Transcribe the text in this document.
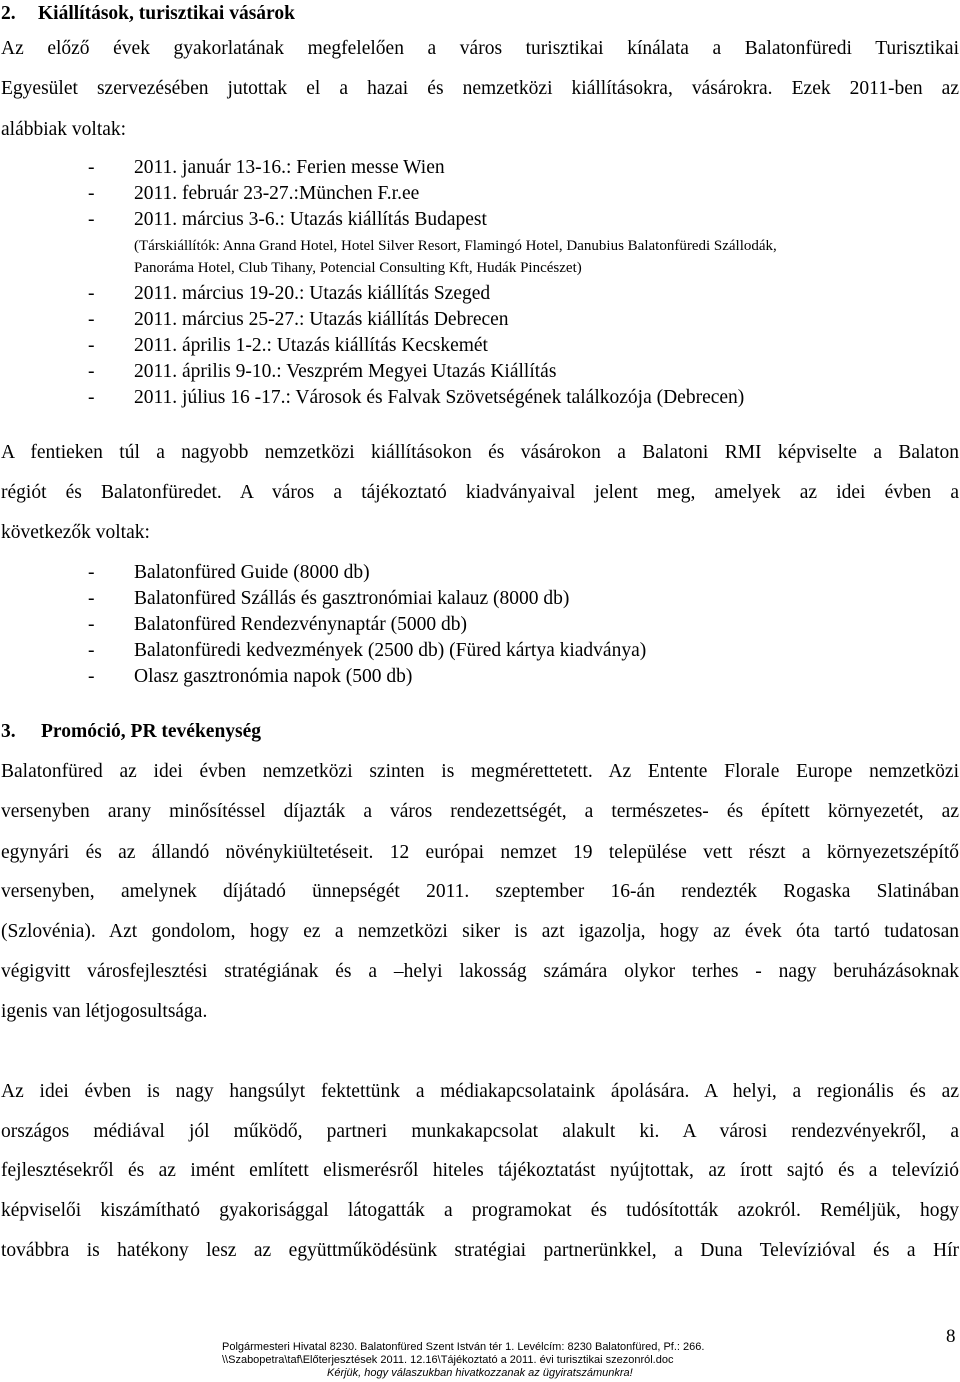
2. Kiállítások, turisztikai vásárok
Az előző évek gyakorlatának megfelelően a város turisztikai kínálata a Balatonfüredi Turisztikai
Egyesület szervezésében jutottak el a hazai és nemzetközi kiállításokra, vásárokra. Ezek 2011-ben az
alábbiak voltak:
- 2011. január 13-16.: Ferien messe Wien
- 2011. február 23-27.:München F.r.ee
- 2011. március 3-6.: Utazás kiállítás Budapest
(Társkiállítók: Anna Grand Hotel, Hotel Silver Resort, Flamingó Hotel, Danubius Balatonfüredi Szállodák,
Panoráma Hotel, Club Tihany, Potencial Consulting Kft, Hudák Pincészet)
- 2011. március 19-20.: Utazás kiállítás Szeged
- 2011. március 25-27.: Utazás kiállítás Debrecen
- 2011. április 1-2.: Utazás kiállítás Kecskemét
- 2011. április 9-10.: Veszprém Megyei Utazás Kiállítás
- 2011. július 16 -17.: Városok és Falvak Szövetségének találkozója (Debrecen)
A fentieken túl a nagyobb nemzetközi kiállításokon és vásárokon a Balatoni RMI képviselte a Balaton
régiót és Balatonfüredet. A város a tájékoztató kiadványaival jelent meg, amelyek az idei évben a
következők voltak:
- Balatonfüred Guide (8000 db)
- Balatonfüred Szállás és gasztronómiai kalauz (8000 db)
- Balatonfüred Rendezvénynaptár (5000 db)
- Balatonfüredi kedvezmények (2500 db) (Füred kártya kiadványa)
- Olasz gasztronómia napok (500 db)
3. Promóció, PR tevékenység
Balatonfüred az idei évben nemzetközi szinten is megmérettetett. Az Entente Florale Europe nemzetközi
versenyben arany minősítéssel díjazták a város rendezettségét, a természetes- és épített környezetét, az
egynyári és az állandó növénykiültetéseit. 12 európai nemzet 19 települése vett részt a környezetszépítő
versenyben, amelynek díjátadó ünnepségét 2011. szeptember 16-án rendezték Rogaska Slatinában
(Szlovénia). Azt gondolom, hogy ez a nemzetközi siker is azt igazolja, hogy az évek óta tartó tudatosan
végigvitt városfejlesztési stratégiának és a –helyi lakosság számára olykor terhes - nagy beruházásoknak
igenis van létjogosultsága.
Az idei évben is nagy hangsúlyt fektettünk a médiakapcsolataink ápolására. A helyi, a regionális és az
országos médiával jól működő, partneri munkakapcsolat alakult ki. A városi rendezvényekről, a
fejlesztésekről és az imént említett elismerésről hiteles tájékoztatást nyújtottak, az írott sajtó és a televízió
képviselői kiszámítható gyakorisággal látogatták a programokat és tudósították azokról. Reméljük, hogy
továbbra is hatékony lesz az együttműködésünk stratégiai partnerünkkel, a Duna Televízióval és a Hír
Polgármesteri Hivatal 8230. Balatonfüred Szent István tér 1. Levélcím: 8230 Balatonfüred, Pf.: 266.
\\Szabopetra\taf\Előterjesztések 2011. 12.16\Tájékoztató a 2011. évi turisztikai szezonról.doc
Kérjük, hogy válaszukban hivatkozzanak az ügyiratszámunkra!
8
